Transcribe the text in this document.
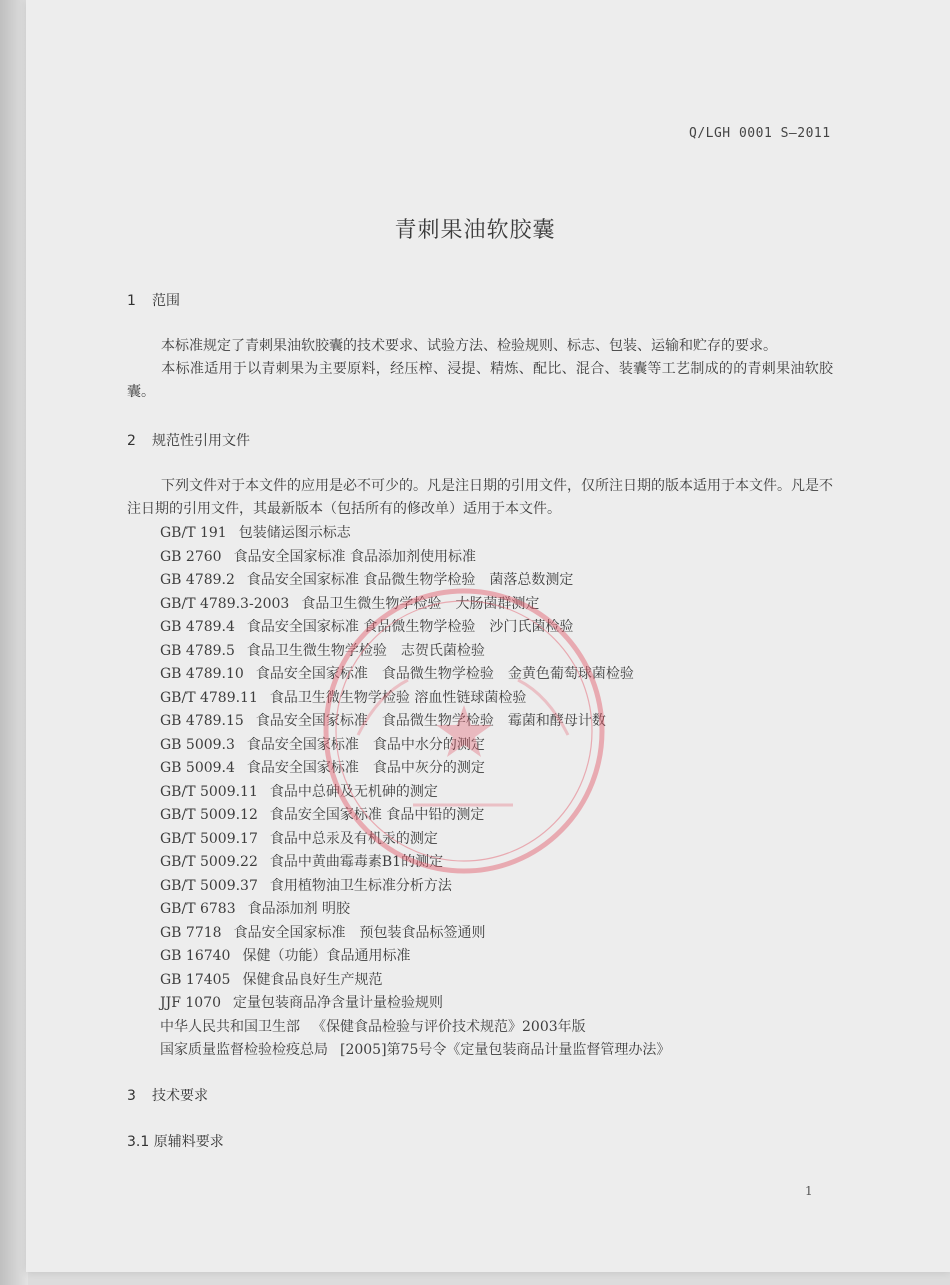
Q/LGH 0001 S—2011
青刺果油软胶囊
1 范围
本标准规定了青刺果油软胶囊的技术要求、试验方法、检验规则、标志、包装、运输和贮存的要求。
本标准适用于以青刺果为主要原料，经压榨、浸提、精炼、配比、混合、装囊等工艺制成的的青刺果油软胶囊。
2 规范性引用文件
下列文件对于本文件的应用是必不可少的。凡是注日期的引用文件，仅所注日期的版本适用于本文件。凡是不注日期的引用文件，其最新版本（包括所有的修改单）适用于本文件。
GB/T 191 包装储运图示标志
GB 2760 食品安全国家标准 食品添加剂使用标准
GB 4789.2 食品安全国家标准 食品微生物学检验　菌落总数测定
GB/T 4789.3-2003 食品卫生微生物学检验　大肠菌群测定
GB 4789.4 食品安全国家标准 食品微生物学检验　沙门氏菌检验
GB 4789.5 食品卫生微生物学检验　志贺氏菌检验
GB 4789.10 食品安全国家标准　食品微生物学检验　金黄色葡萄球菌检验
GB/T 4789.11 食品卫生微生物学检验 溶血性链球菌检验
GB 4789.15 食品安全国家标准　食品微生物学检验　霉菌和酵母计数
GB 5009.3 食品安全国家标准　食品中水分的测定
GB 5009.4 食品安全国家标准　食品中灰分的测定
GB/T 5009.11 食品中总砷及无机砷的测定
GB/T 5009.12 食品安全国家标准 食品中铅的测定
GB/T 5009.17 食品中总汞及有机汞的测定
GB/T 5009.22 食品中黄曲霉毒素B1的测定
GB/T 5009.37 食用植物油卫生标准分析方法
GB/T 6783 食品添加剂 明胶
GB 7718 食品安全国家标准　预包装食品标签通则
GB 16740 保健（功能）食品通用标准
GB 17405 保健食品良好生产规范
JJF 1070 定量包装商品净含量计量检验规则
中华人民共和国卫生部 《保健食品检验与评价技术规范》2003年版
国家质量监督检验检疫总局 [2005]第75号令《定量包装商品计量监督管理办法》
3 技术要求
3.1 原辅料要求
1
